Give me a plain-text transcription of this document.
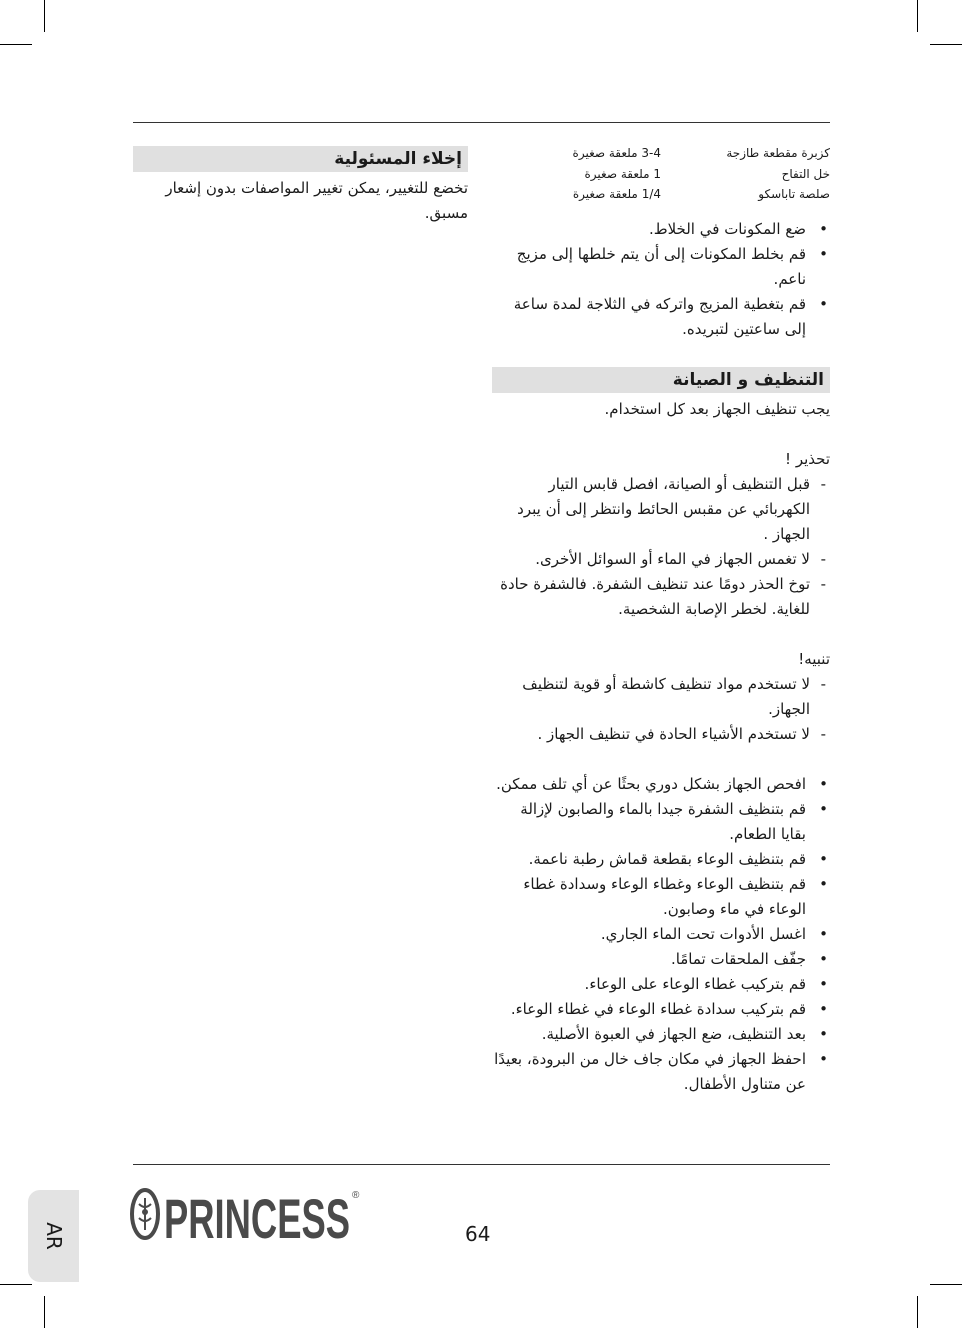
كزبرة مقطعة طازجة
3-4 ملعقة صغيرة
خل التفاح
1 ملعقة صغيرة
صلصة تاباسكو
1/4 ملعقة صغيرة
• ضع المكونات في الخلاط.
• قم بخلط المكونات إلى أن يتم خلطها إلى مزيج ناعم.
• قم بتغطية المزيج واتركه في الثلاجة لمدة ساعة إلى ساعتين لتبريده.
التنظيف و الصيانة

يجب تنظيف الجهاز بعد كل استخدام.

تحذير !

- قبل التنظيف أو الصيانة، افصل قابس التيار الكهربائي عن مقبس الحائط وانتظر إلى أن يبرد الجهاز .
- لا تغمس الجهاز في الماء أو السوائل الأخرى.
- توخ الحذر دومًا عند تنظيف الشفرة. فالشفرة حادة للغاية. لخطر الإصابة الشخصية.

تنبيه!

- لا تستخدم مواد تنظيف كاشطة أو قوية لتنظيف الجهاز.
- لا تستخدم الأشياء الحادة في تنظيف الجهاز .
• افحص الجهاز بشكل دوري بحثًا عن أي تلف ممكن.
• قم بتنظيف الشفرة جيدا بالماء والصابون لإزالة بقايا الطعام.
• قم بتنظيف الوعاء بقطعة قماش رطبة ناعمة.
• قم بتنظيف الوعاء وغطاء الوعاء وسدادة غطاء الوعاء في ماء وصابون.
• اغسل الأدوات تحت الماء الجاري.
• جفّف الملحقات تمامًا.
• قم بتركيب غطاء الوعاء على الوعاء.
• قم بتركيب سدادة غطاء الوعاء في غطاء الوعاء.
• بعد التنظيف، ضع الجهاز في العبوة الأصلية.
• احفظ الجهاز في مكان جاف خال من البرودة، بعيدًا عن متناول الأطفال.
إخلاء المسئولية

تخضع للتغيير، يمكن تغيير المواصفات بدون إشعار مسبق.

PRINCESS ®
64
AR
